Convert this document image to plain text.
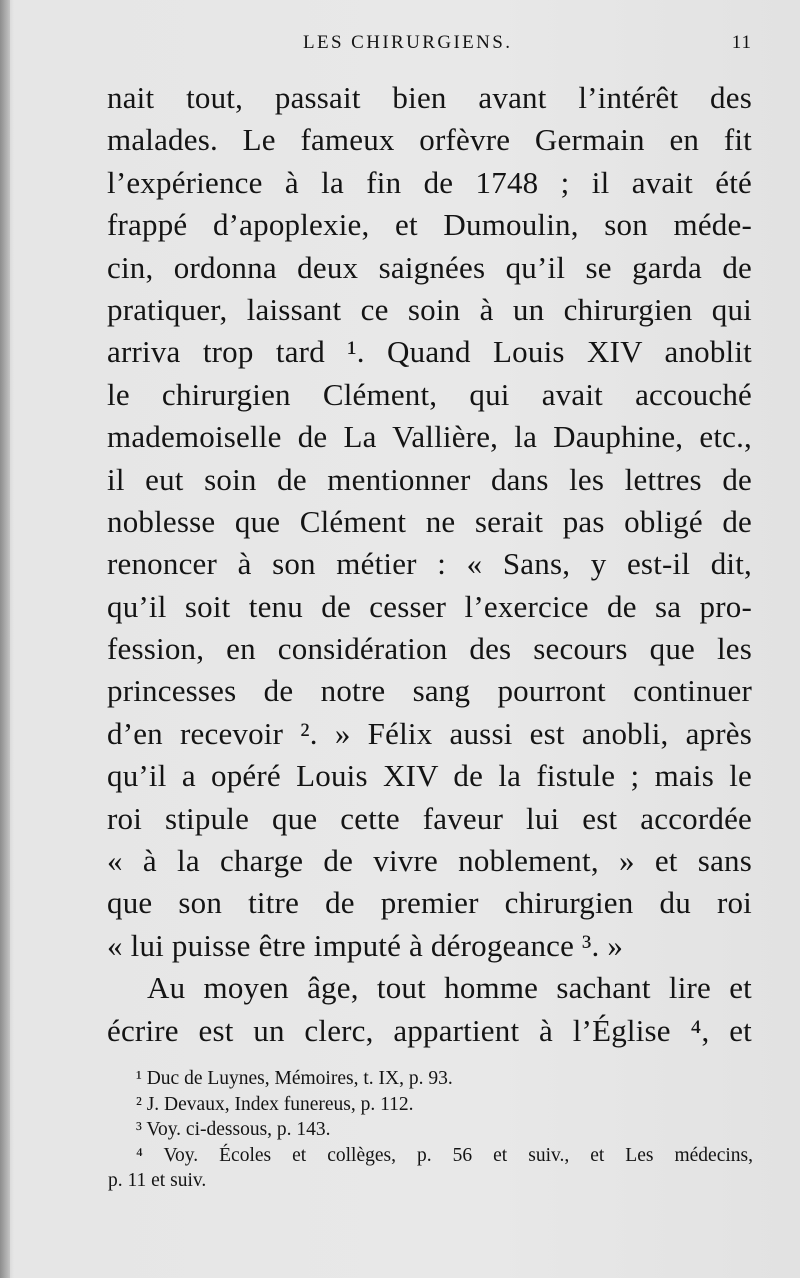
LES CHIRURGIENS.	11
nait tout, passait bien avant l’intérêt des
malades. Le fameux orfèvre Germain en fit
l’expérience à la fin de 1748 ; il avait été
frappé d’apoplexie, et Dumoulin, son méde-
cin, ordonna deux saignées qu’il se garda de
pratiquer, laissant ce soin à un chirurgien qui
arriva trop tard ¹. Quand Louis XIV anoblit
le chirurgien Clément, qui avait accouché
mademoiselle de La Vallière, la Dauphine, etc.,
il eut soin de mentionner dans les lettres de
noblesse que Clément ne serait pas obligé de
renoncer à son métier : « Sans, y est-il dit,
qu’il soit tenu de cesser l’exercice de sa pro-
fession, en considération des secours que les
princesses de notre sang pourront continuer
d’en recevoir ². » Félix aussi est anobli, après
qu’il a opéré Louis XIV de la fistule ; mais le
roi stipule que cette faveur lui est accordée
« à la charge de vivre noblement, » et sans
que son titre de premier chirurgien du roi
« lui puisse être imputé à dérogeance ³. »
Au moyen âge, tout homme sachant lire et
écrire est un clerc, appartient à l’Église ⁴, et
¹ Duc de Luynes, Mémoires, t. IX, p. 93.
² J. Devaux, Index funereus, p. 112.
³ Voy. ci-dessous, p. 143.
⁴ Voy. Écoles et collèges, p. 56 et suiv., et Les médecins,
p. 11 et suiv.
